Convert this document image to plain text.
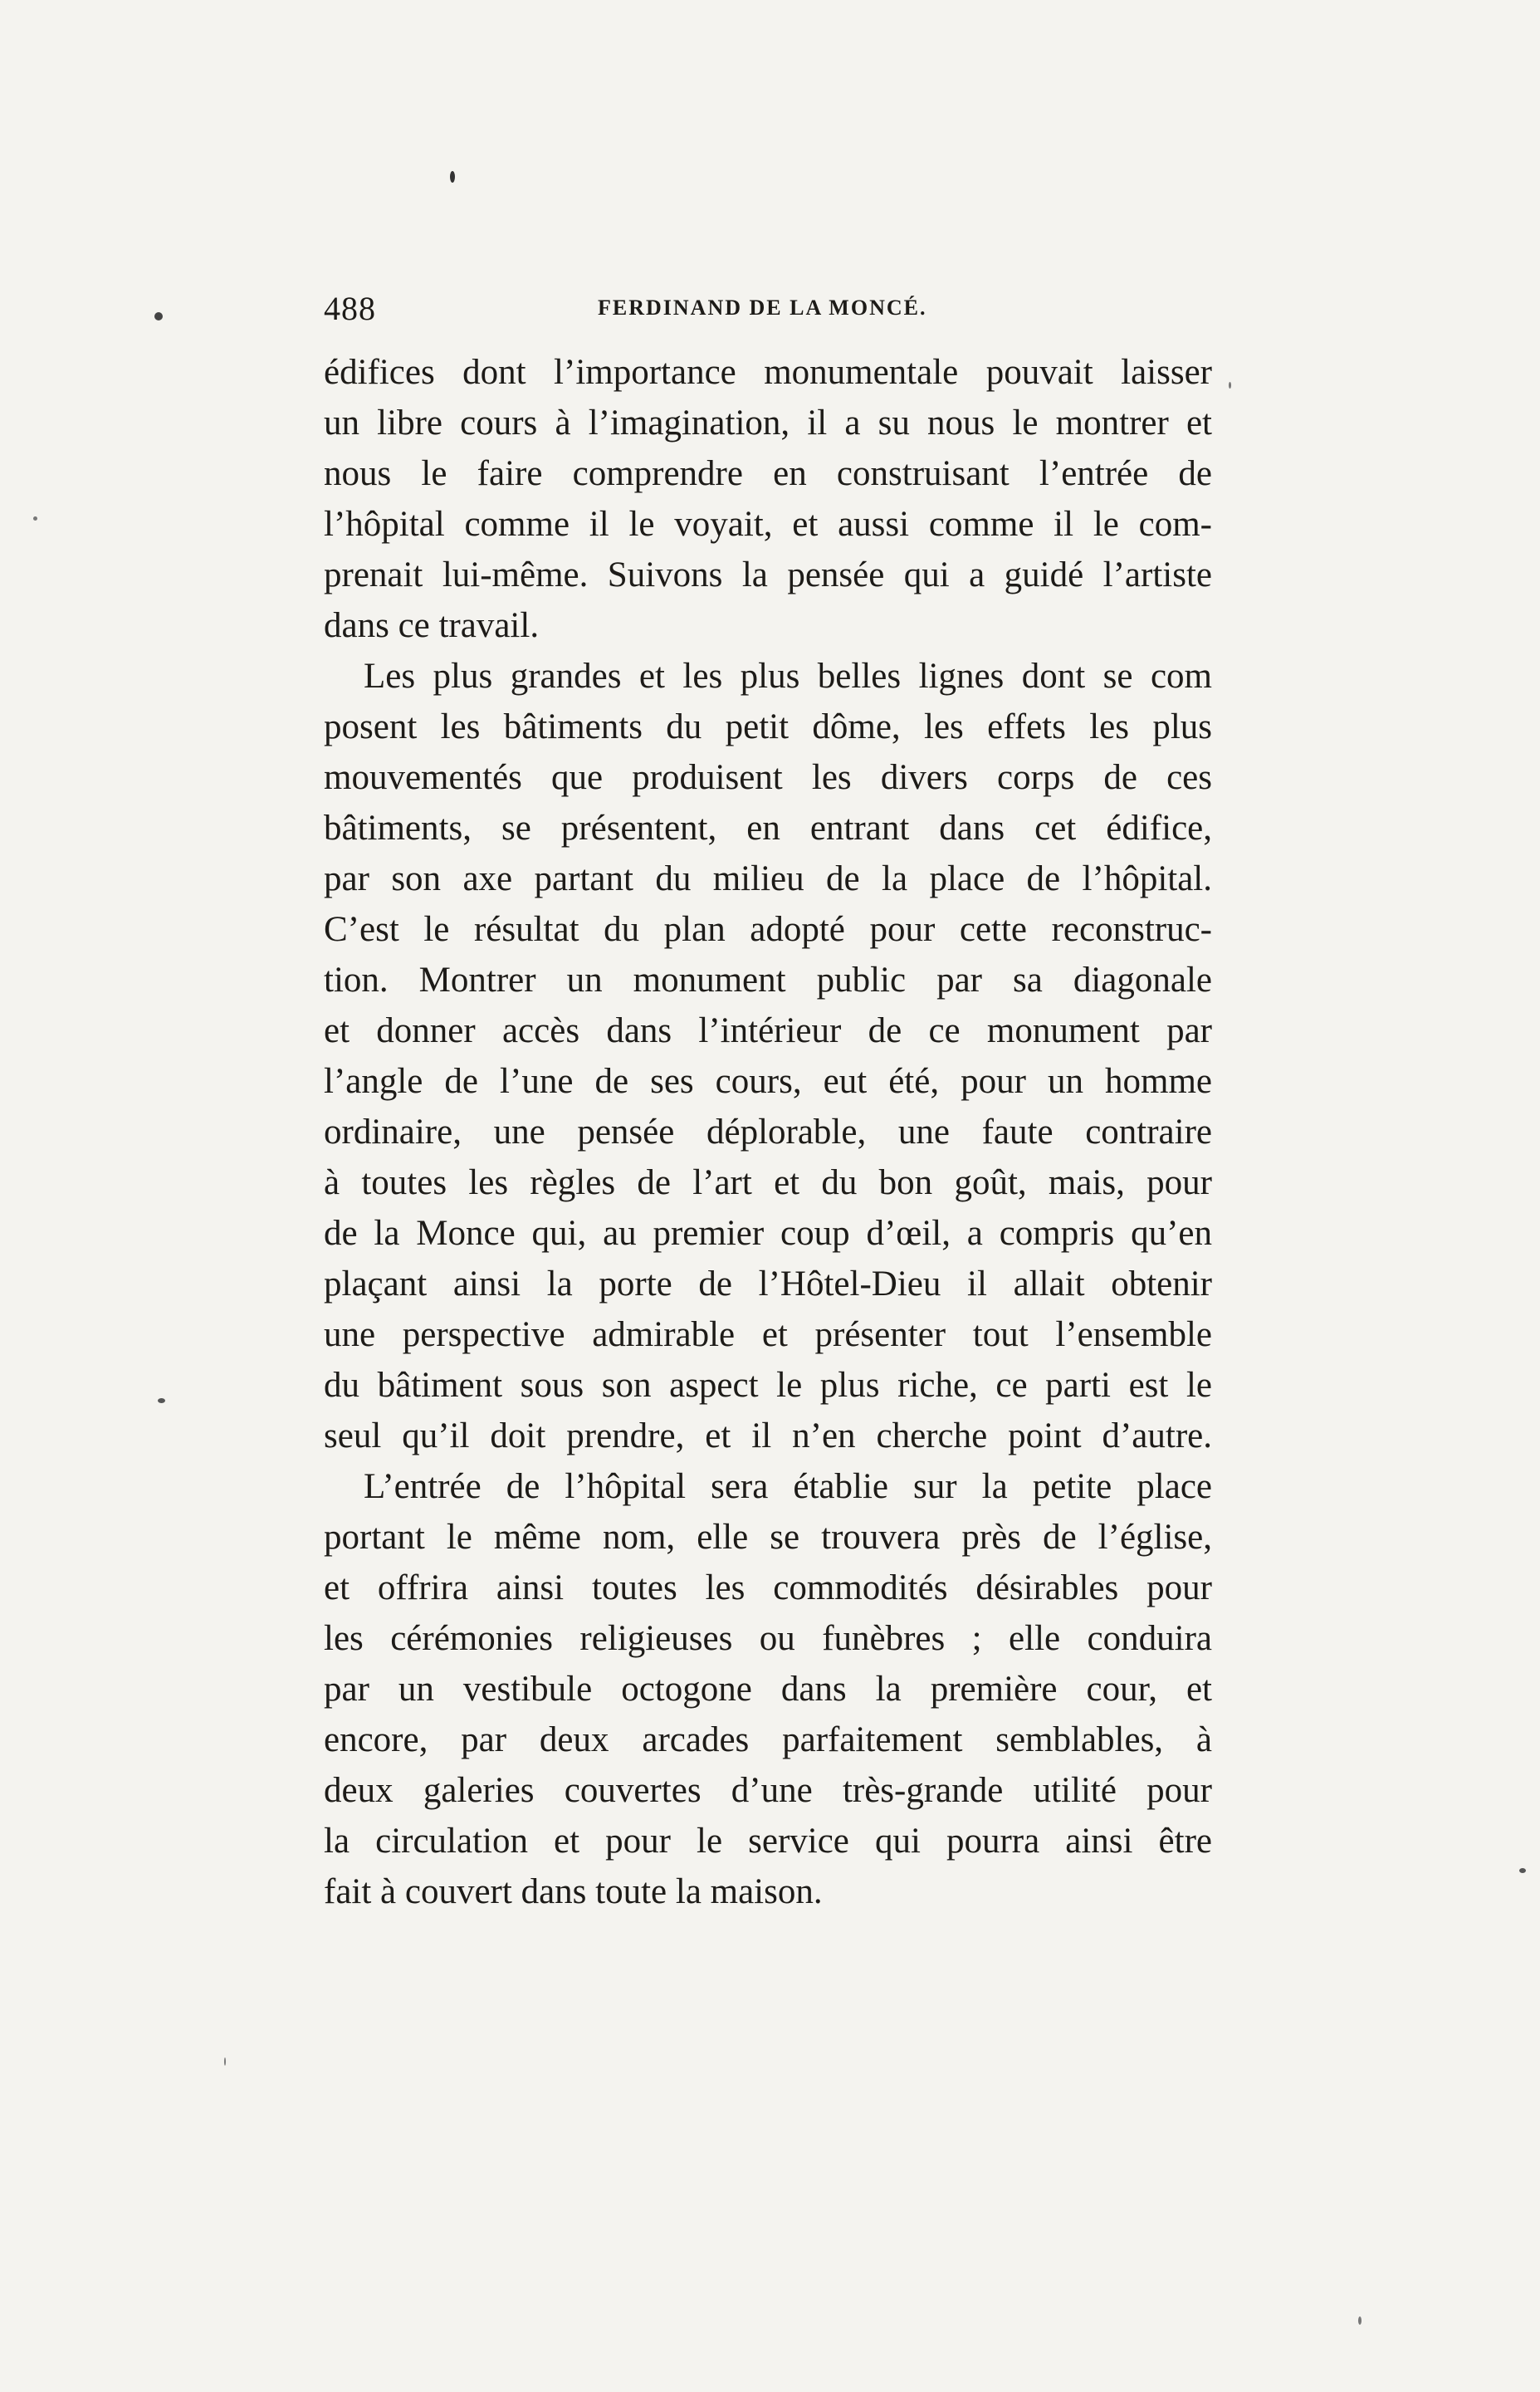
488	FERDINAND DE LA MONCÉ.
édifices dont l’importance monumentale pouvait laisser
un libre cours à l’imagination, il a su nous le montrer et
nous le faire comprendre en construisant l’entrée de
l’hôpital comme il le voyait, et aussi comme il le com-
prenait lui-même. Suivons la pensée qui a guidé l’artiste
dans ce travail.
Les plus grandes et les plus belles lignes dont se com
posent les bâtiments du petit dôme, les effets les plus
mouvementés que produisent les divers corps de ces
bâtiments, se présentent, en entrant dans cet édifice,
par son axe partant du milieu de la place de l’hôpital.
C’est le résultat du plan adopté pour cette reconstruc-
tion. Montrer un monument public par sa diagonale
et donner accès dans l’intérieur de ce monument par
l’angle de l’une de ses cours, eut été, pour un homme
ordinaire, une pensée déplorable, une faute contraire
à toutes les règles de l’art et du bon goût, mais, pour
de la Monce qui, au premier coup d’œil, a compris qu’en
plaçant ainsi la porte de l’Hôtel-Dieu il allait obtenir
une perspective admirable et présenter tout l’ensemble
du bâtiment sous son aspect le plus riche, ce parti est le
seul qu’il doit prendre, et il n’en cherche point d’autre.
L’entrée de l’hôpital sera établie sur la petite place
portant le même nom, elle se trouvera près de l’église,
et offrira ainsi toutes les commodités désirables pour
les cérémonies religieuses ou funèbres ; elle conduira
par un vestibule octogone dans la première cour, et
encore, par deux arcades parfaitement semblables, à
deux galeries couvertes d’une très-grande utilité pour
la circulation et pour le service qui pourra ainsi être
fait à couvert dans toute la maison.
